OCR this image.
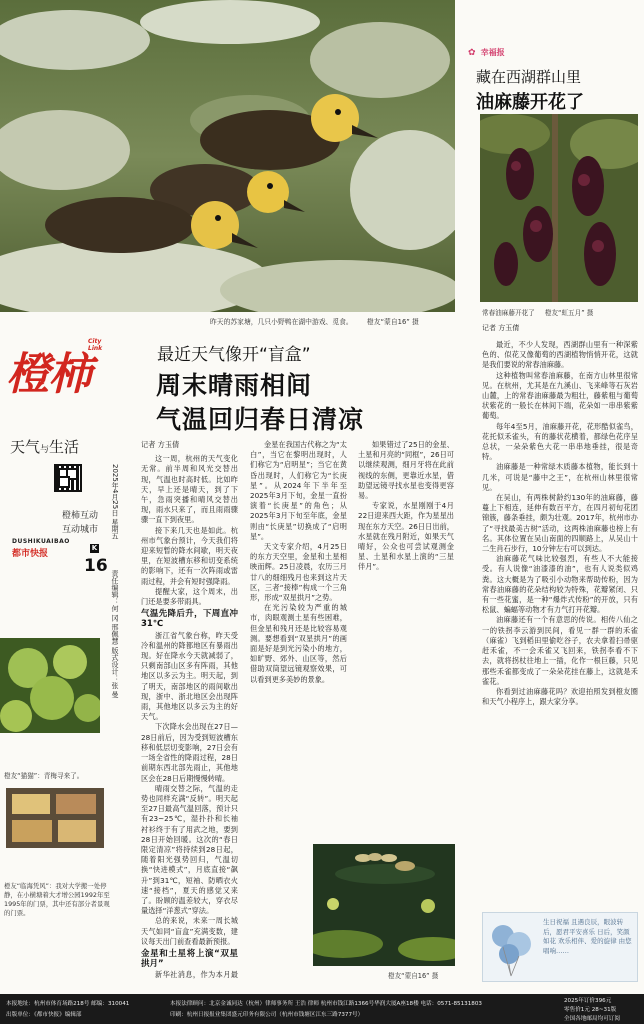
昨天的苏家塘，几只小野鸭在湖中游戏、觅食。 橙友“蒙自16” 摄
橙柿
City Link
天气与生活
橙柿互动
互动城市
DUSHIKUAIBAO
都市快报
K
16
2025年4月25日 星期五
责任编辑：何 冈 邢佩慧 版式设计：张 曼
橙友“猫猫”：青梅寻来了。
橙友“临海凭风”：我对大学搬一处停静，在小横塘着大才增公园1992年至1995年的门票，其中还有部分者景观的门票。
最近天气像开“盲盒”
周末晴雨相间
气温回归春日清凉
记者 方玉倩

这一周，杭州的天气变化无常。前半周和风光交替出现，气温也时高时低。比如昨天，早上还是晴天，到了下午，急雨突播和晴风交替出现，雨水只来了，而且雨雨骤骤一直下到夜里。

接下来几天也是如此。杭州市气象台预计，今天我们将迎来短暂的降水间歇，明天夜里，在短波槽东移和切变系统的影响下，还有一次阵雨或雷雨过程，并会有短时强降雨。

提醒大家，这个周末，出门还是要多带雨具。

气温先降后升，下周直冲31℃

浙江省气象台称，昨天受冷和温州的降都地区有暴雨出现。好在降水今天就减弱了，只剩南部山区多有阵雨，其他地区以多云为主。明天起，到了明天，南部地区的雨间歇出现，浙中、浙北地区会出现阵雨，其他地区以多云为主的好天气。

下次降水会出现在27日—28日前后，因为受到短波槽东移和低层切变影响，27日会有一场全省性的降雨过程，28日前期东西北部先雨止，其他地区会在28日后期慢慢转晴。

晴雨交替之际，气温的走势也同样充满“反转”。明天起至27日最高气温回落，预计只有23~25℃，湿扑扑和长袖衬衫终于有了用武之地，要到28日开始回暖。这次的“春日限定清凉”将持续到28日起，随着阳光强势回归，气温切换“快进模式”，月底直接“飙升”到31℃，短袖、防晒衣火速“接档”，夏天的感觉又来了。盼顾的温差较大，穿衣尽量选择“洋葱式”穿法。

总的来说，未来一周长城天气如同“盲盒”充满变数，建议每天出门前查看最新预报。

金星和土星将上演“双星拱月”

新华社消息，作为本月最

金星在我国古代称之为“太白”，当它在黎明出现时，人们称它为“启明星”；当它在黄昏出现时，人们称它为“长庚星”。从2024年下半年至2025年3月下旬，金星一直扮演着“长庚星”的角色；从2025年3月下旬至年底，金星则由“长庚星”切换成了“启明星”。

天文专家介绍，4月25日的东方天空里，金星和土星相映而辉。25日凌晨，农历三月廿八的细细残月也来到这片天区，三者“接棒”构成一个三角形，形成“双星拱月”之势。

在光污染较为严重的城市，肉眼观测土星有些困难，但金星和残月还是比较容易观测。要想看到“双星拱月”的画面是好是到光污染小的地方，如旷野、郊外、山区等，然后借助双筒望远镜观察效果，可以看到更多美妙的景象。

如果错过了25日的金星、土星和月亮的“同框”，26日可以继续观测，细月牙将在此前视线的东侧，更靠近水星，借助望远镜寻找水星也变得更容易。

专家说，水星刚刚于4月22日迎来西大距，作为星星出现在东方天空。26日日出前，水星就在残月附近，如果天气晴好，公众也可尝试观测金星、土星和水星上演的“三星伴月”。

橙友“蒙自16” 摄
✿ 幸福报
藏在西湖群山里
油麻藤开花了
常春油麻藤开花了 橙友“虹五月” 摄
记者 方玉倩

最近，不少人发现，西湖群山里有一种深紫色的、似花又像葡萄的西湖植物悄悄开花，这就是我们要说的常春油麻藤。

这种植物叫常春油麻藤，在南方山林里很常见。在杭州，尤其是在九溪山、飞来峰等石灰岩山麓，上的常春油麻藤最为粗壮，藤紫粗与葡萄状紫花的一般长在林间下端，花朵如一串串紫紫葡萄。

每年4至5月，油麻藤开花，花形酷似雀鸟，花托似禾雀头，有的藤状花横着，都绿色花序呈总状，一朵朵紫色大花一串串地垂挂，很是奇特。

油麻藤是一种常绿木质藤本植物，能长到十几米，可说是“藤中之王”，在杭州山林里很常见。

在吴山，有两株树龄约130年的油麻藤，藤蔓上下相连，延伸有数百平方，在四月初旬花团锦簇，藤条垂挂，颇为壮观。2017年，杭州市办了“寻找最美古树”活动，这两株油麻藤也榜上有名。其体位置在吴山南面的四顺路上，从吴山十二生肖石步行，10分钟左右可以到达。

油麻藤花气味比较强烈，有些人不大能接受。有人说像“油漆漆的油”，也有人说类似鸡粪。这大概是为了吸引小动物来帮助传粉，因为常春油麻藤的花朵结构较为特殊，花瓣紧闭、只有一些花蜜，是一种“爆炸式传粉”的开放，只有松鼠、蝙蝠等动物才有力气打开花瓣。

油麻藤还有一个有意思的传说。相传八仙之一的铁拐李云游到民间，看见一群一群的禾雀（麻雀）飞到稻田里偷吃谷子，农夫拿着扫帚驱赶禾雀，不一会禾雀又飞回来，铁拐李看不下去，就将拐杖往地上一插，化作一根巨藤，只见那些禾雀都变成了一朵朵花挂在藤上，这就是禾雀花。

你看到过油麻藤花吗？欢迎拍照发到橙友圈和天气小程序上，跟大家分享。

生日祝福 且遇良辰，眼波转 后，愿君平安喜乐 日后，笑颜如花 欢乐相伴、爱的旋律 由您唱响……
本报地址：杭州市体育场路218号 邮编：310041
出版单位：《都市快报》编辑部
本报法律顾问：北京金诚同达（杭州）律师事务所 王浩 律师 杭州市钱江路1366号华润大厦A座18楼 电话：0571-85131803
印刷：杭州日报报业集团盛元印务有限公司（杭州市钱塘区江东三路7377号）
2025年订价396元
零售价1元 28~31版
全国各地邮局均可订阅
